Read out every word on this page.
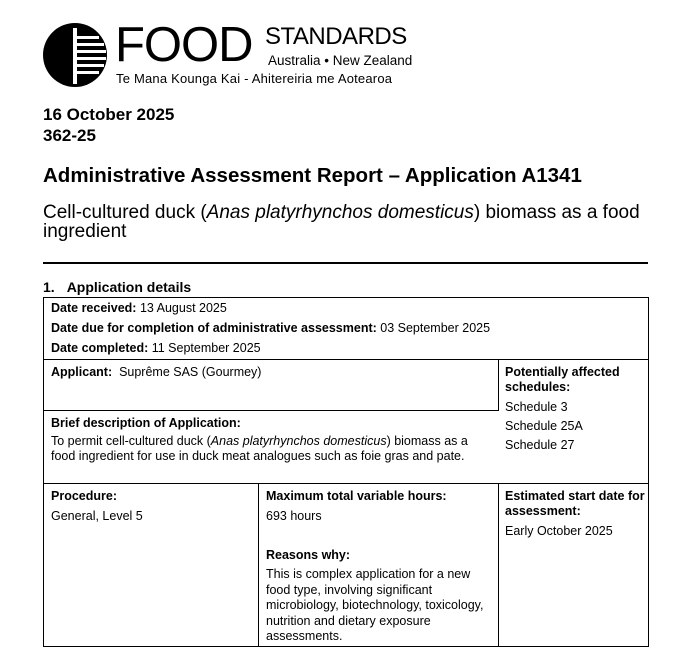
FOOD STANDARDS
Australia • New Zealand
Te Mana Kounga Kai - Ahitereiria me Aotearoa
16 October 2025
362-25
Administrative Assessment Report – Application A1341
Cell-cultured duck (Anas platyrhynchos domesticus) biomass as a food ingredient
1. Application details
Date received: 13 August 2025
Date due for completion of administrative assessment: 03 September 2025
Date completed: 11 September 2025
Applicant: Suprême SAS (Gourmey)	Potentially affected schedules:
Schedule 3
Schedule 25A
Schedule 27
Brief description of Application:
To permit cell-cultured duck (Anas platyrhynchos domesticus) biomass as a food ingredient for use in duck meat analogues such as foie gras and pate.
Procedure:
General, Level 5
Maximum total variable hours:
693 hours
Reasons why:
This is complex application for a new food type, involving significant microbiology, biotechnology, toxicology, nutrition and dietary exposure assessments.
Estimated start date for assessment:
Early October 2025
